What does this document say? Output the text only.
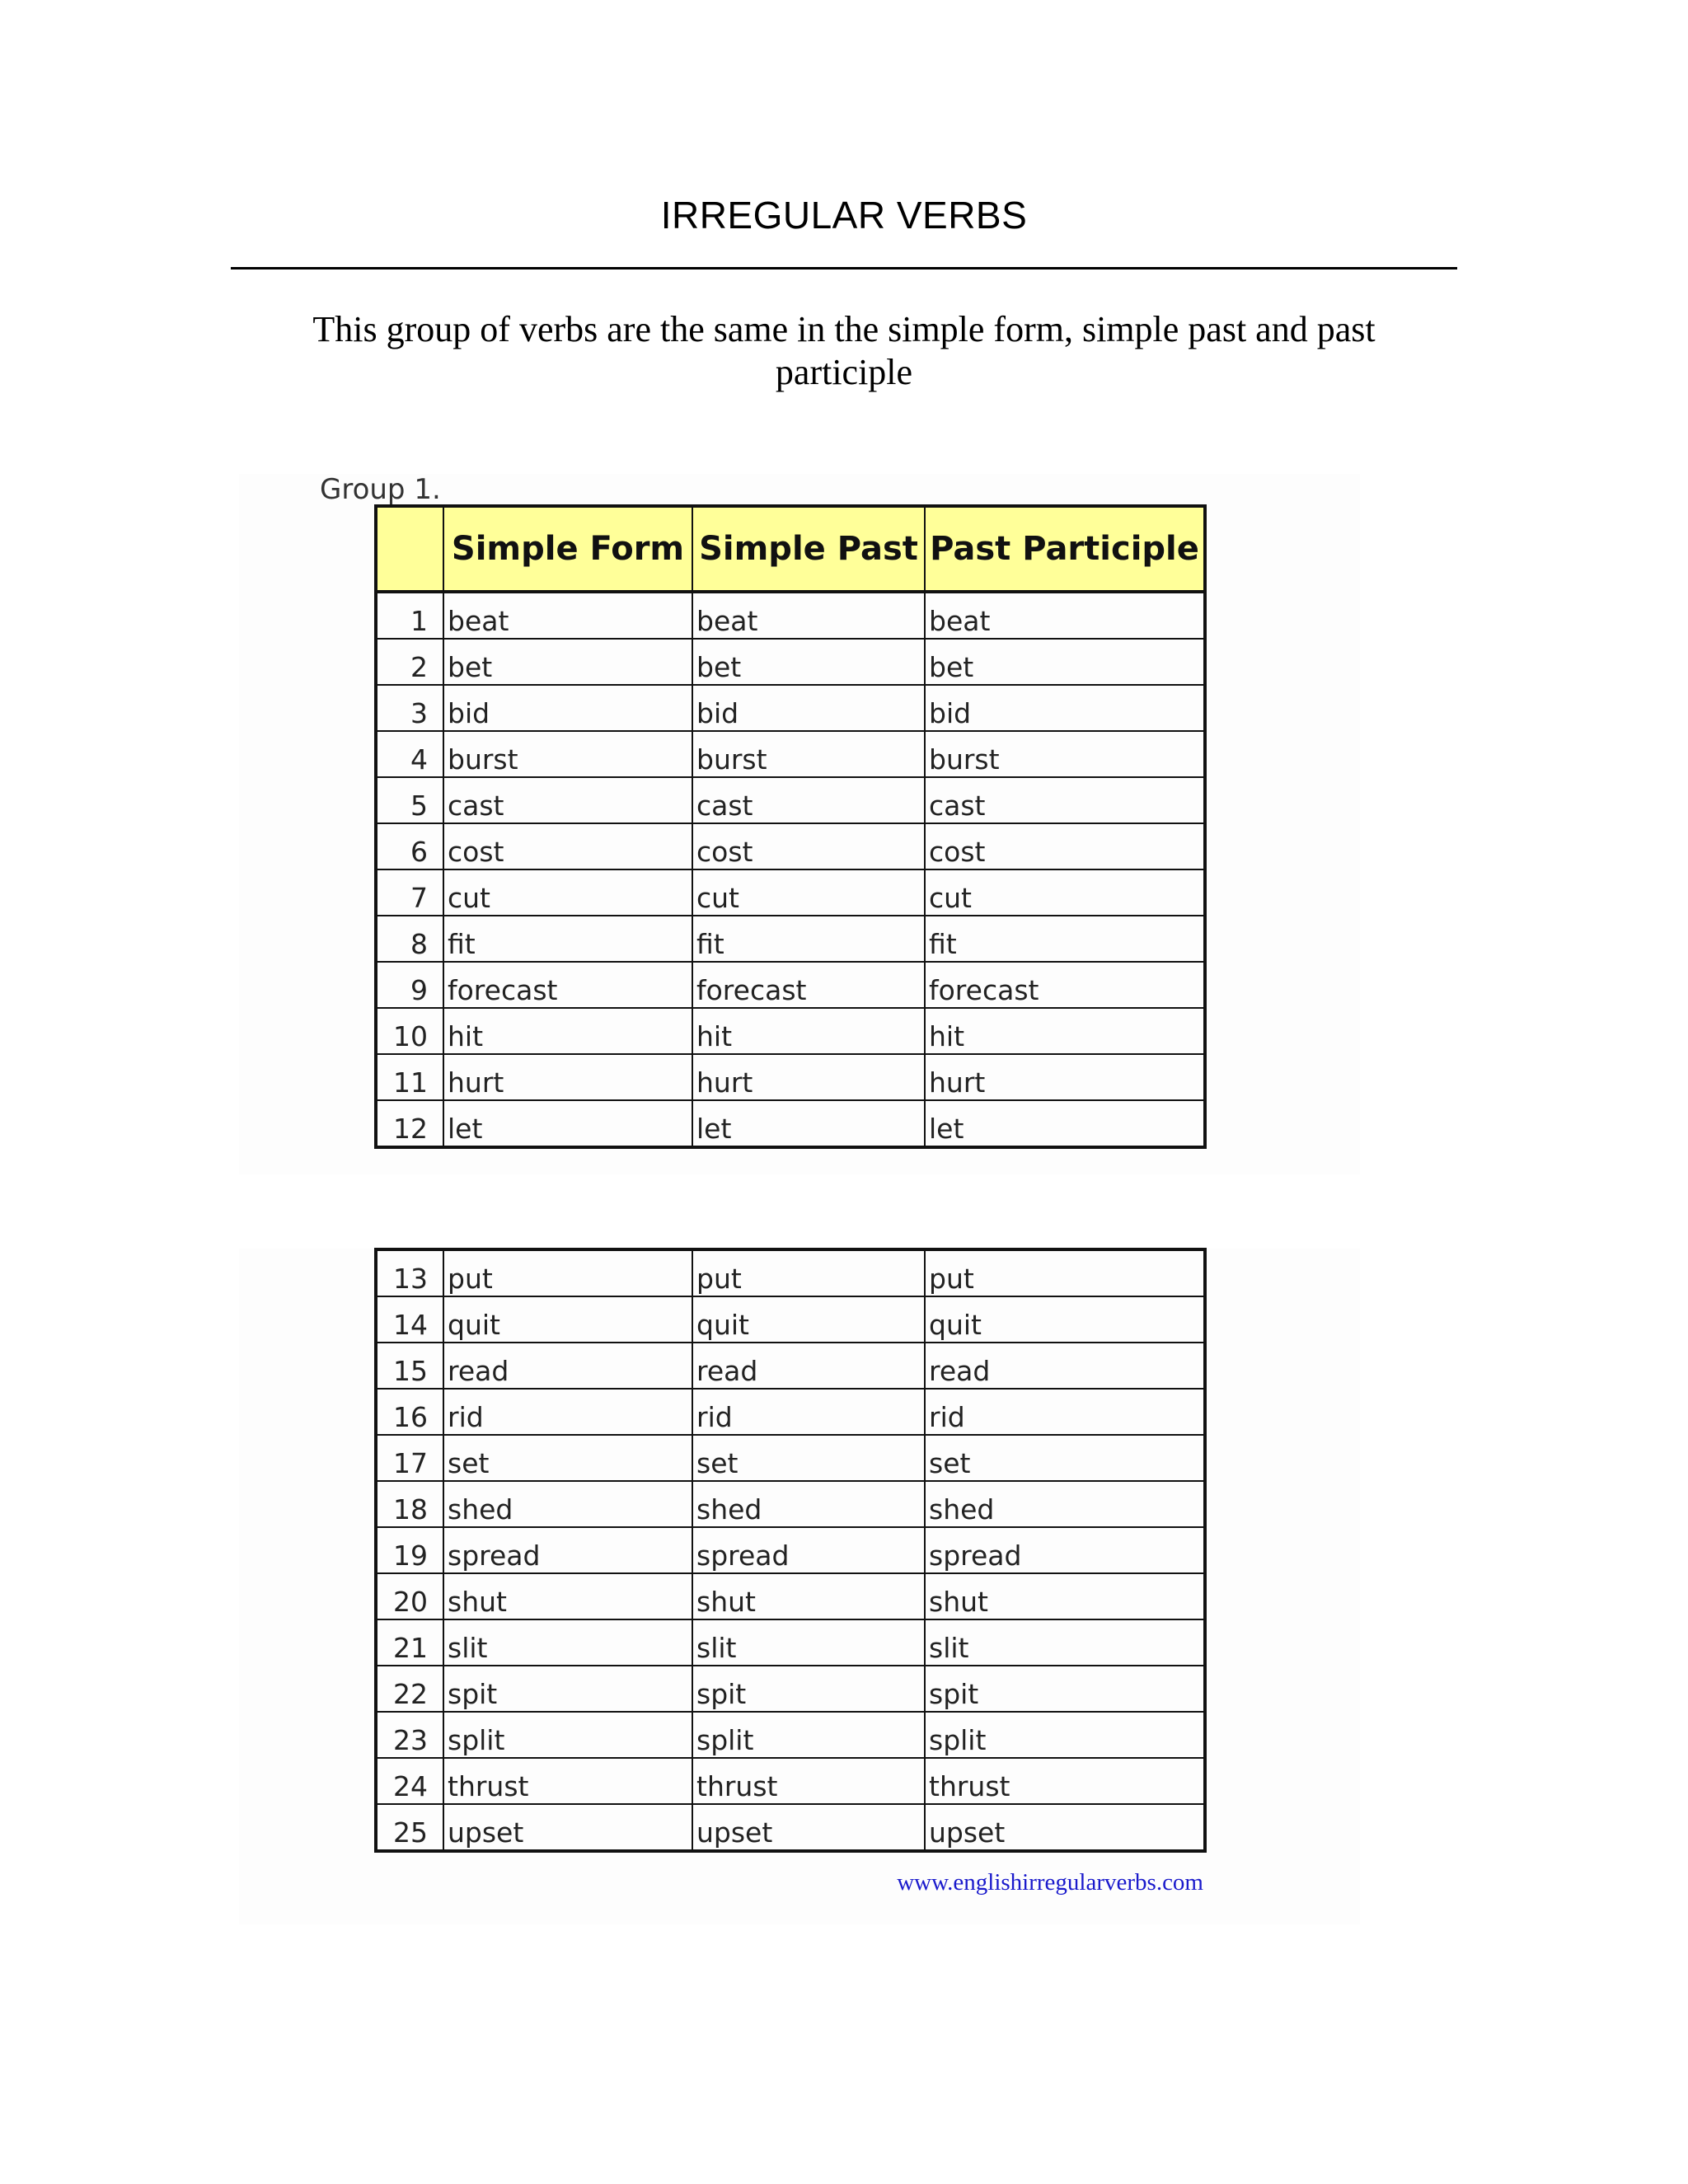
IRREGULAR VERBS
This group of verbs are the same in the simple form, simple past and past participle
Group 1.
	Simple Form	Simple Past	Past Participle
1	beat	beat	beat
2	bet	bet	bet
3	bid	bid	bid
4	burst	burst	burst
5	cast	cast	cast
6	cost	cost	cost
7	cut	cut	cut
8	fit	fit	fit
9	forecast	forecast	forecast
10	hit	hit	hit
11	hurt	hurt	hurt
12	let	let	let
13	put	put	put
14	quit	quit	quit
15	read	read	read
16	rid	rid	rid
17	set	set	set
18	shed	shed	shed
19	spread	spread	spread
20	shut	shut	shut
21	slit	slit	slit
22	spit	spit	spit
23	split	split	split
24	thrust	thrust	thrust
25	upset	upset	upset
www.englishirregularverbs.com
